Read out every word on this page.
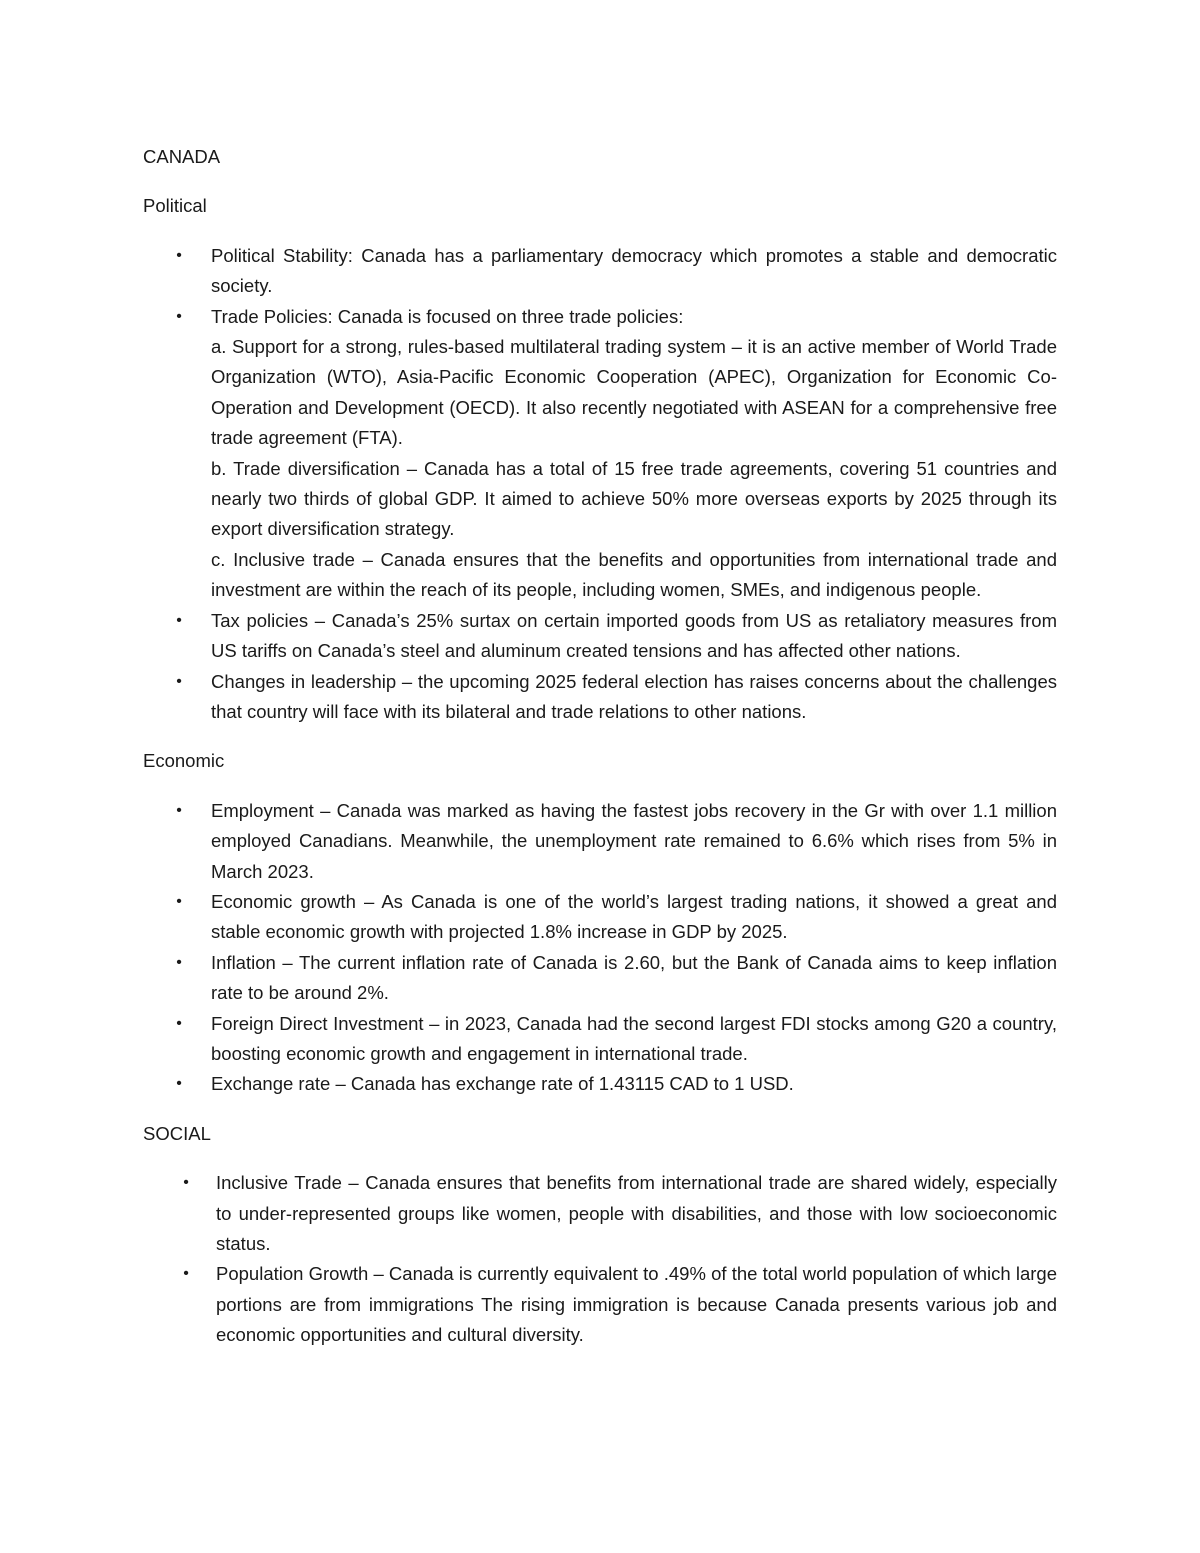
CANADA

Political

• Political Stability: Canada has a parliamentary democracy which promotes a stable and democratic society.
• Trade Policies: Canada is focused on three trade policies:
a. Support for a strong, rules-based multilateral trading system – it is an active member of World Trade Organization (WTO), Asia-Pacific Economic Cooperation (APEC), Organization for Economic Co-Operation and Development (OECD). It also recently negotiated with ASEAN for a comprehensive free trade agreement (FTA).
b. Trade diversification – Canada has a total of 15 free trade agreements, covering 51 countries and nearly two thirds of global GDP. It aimed to achieve 50% more overseas exports by 2025 through its export diversification strategy.
c. Inclusive trade – Canada ensures that the benefits and opportunities from international trade and investment are within the reach of its people, including women, SMEs, and indigenous people.
• Tax policies – Canada’s 25% surtax on certain imported goods from US as retaliatory measures from US tariffs on Canada’s steel and aluminum created tensions and has affected other nations.
• Changes in leadership – the upcoming 2025 federal election has raises concerns about the challenges that country will face with its bilateral and trade relations to other nations.

Economic

• Employment – Canada was marked as having the fastest jobs recovery in the Gr with over 1.1 million employed Canadians. Meanwhile, the unemployment rate remained to 6.6% which rises from 5% in March 2023.
• Economic growth – As Canada is one of the world’s largest trading nations, it showed a great and stable economic growth with projected 1.8% increase in GDP by 2025.
• Inflation – The current inflation rate of Canada is 2.60, but the Bank of Canada aims to keep inflation rate to be around 2%.
• Foreign Direct Investment – in 2023, Canada had the second largest FDI stocks among G20 a country, boosting economic growth and engagement in international trade.
• Exchange rate – Canada has exchange rate of 1.43115 CAD to 1 USD.

SOCIAL

• Inclusive Trade – Canada ensures that benefits from international trade are shared widely, especially to under-represented groups like women, people with disabilities, and those with low socioeconomic status.
• Population Growth – Canada is currently equivalent to .49% of the total world population of which large portions are from immigrations The rising immigration is because Canada presents various job and economic opportunities and cultural diversity.
